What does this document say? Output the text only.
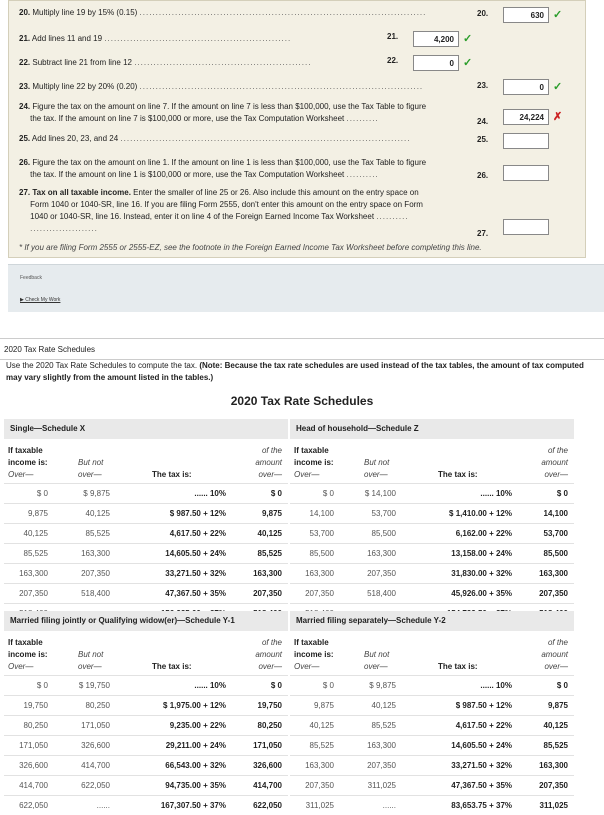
20. Multiply line 19 by 15% (0.15) .........................................................................................	20.	630 ✓
21. Add lines 11 and 19 ..........................................................	21.	4,200 ✓
22. Subtract line 21 from line 12 .......................................................	22.	0 ✓
23. Multiply line 22 by 20% (0.20) ........................................................................................	23.	0 ✓
24. Figure the tax on the amount on line 7. If the amount on line 7 is less than $100,000, use the Tax Table to figure
the tax. If the amount on line 7 is $100,000 or more, use the Tax Computation Worksheet ..........	24.	24,224 ✗
25. Add lines 20, 23, and 24 ..........................................................................................	25.
26. Figure the tax on the amount on line 1. If the amount on line 1 is less than $100,000, use the Tax Table to figure
the tax. If the amount on line 1 is $100,000 or more, use the Tax Computation Worksheet ..........	26.
27. Tax on all taxable income. Enter the smaller of line 25 or 26. Also include this amount on the entry space on
Form 1040 or 1040-SR, line 16. If you are filing Form 2555, don't enter this amount on the entry space on Form
1040 or 1040-SR, line 16. Instead, enter it on line 4 of the Foreign Earned Income Tax Worksheet ..........
.....................
27.
* If you are filing Form 2555 or 2555-EZ, see the footnote in the Foreign Earned Income Tax Worksheet before completing this line.
Feedback
▶ Check My Work
2020 Tax Rate Schedules
Use the 2020 Tax Rate Schedules to compute the tax. (Note: Because the tax rate schedules are used instead of the tax tables, the amount of tax computed may vary slightly from the amount listed in the tables.)
2020 Tax Rate Schedules
Single—Schedule X
If taxable
income is:
Over—
But not
over—	The tax is:
of the
amount
over—
$ 0	$ 9,875	...... 10%	$ 0
9,875	40,125	$ 987.50 + 12%	9,875
40,125	85,525	4,617.50 + 22%	40,125
85,525	163,300	14,605.50 + 24%	85,525
163,300	207,350	33,271.50 + 32%	163,300
207,350	518,400	47,367.50 + 35%	207,350
Head of household—Schedule Z
If taxable
income is:
Over—
But not
over—	The tax is:
of the
amount
over—
$ 0	$ 14,100	...... 10%	$ 0
14,100	53,700	$ 1,410.00 + 12%	14,100
53,700	85,500	6,162.00 + 22%	53,700
85,500	163,300	13,158.00 + 24%	85,500
163,300	207,350	31,830.00 + 32%	163,300
207,350	518,400	45,926.00 + 35%	207,350
Married filing jointly or Qualifying widow(er)—Schedule Y-1
If taxable
income is:
Over—
But not
over—	The tax is:
of the
amount
over—
$ 0	$ 19,750	...... 10%	$ 0
19,750	80,250	$ 1,975.00 + 12%	19,750
80,250	171,050	9,235.00 + 22%	80,250
171,050	326,600	29,211.00 + 24%	171,050
326,600	414,700	66,543.00 + 32%	326,600
414,700	622,050	94,735.00 + 35%	414,700
622,050	......	167,307.50 + 37%	622,050
Married filing separately—Schedule Y-2
If taxable
income is:
Over—
But not
over—	The tax is:
of the
amount
over—
$ 0	$ 9,875	...... 10%	$ 0
9,875	40,125	$ 987.50 + 12%	9,875
40,125	85,525	4,617.50 + 22%	40,125
85,525	163,300	14,605.50 + 24%	85,525
163,300	207,350	33,271.50 + 32%	163,300
207,350	311,025	47,367.50 + 35%	207,350
311,025	......	83,653.75 + 37%	311,025
